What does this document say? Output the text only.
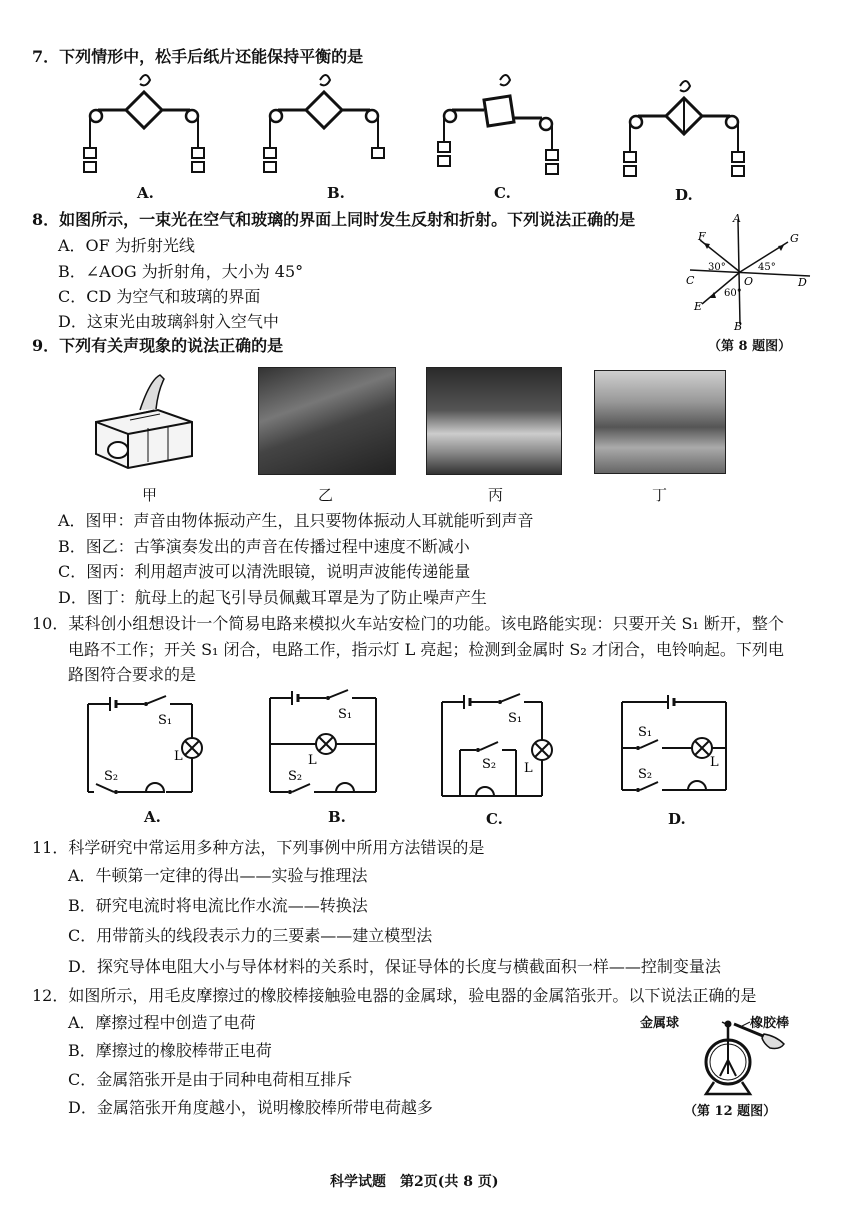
7．下列情形中，松手后纸片还能保持平衡的是
A.	B.	C.	D.
8．如图所示，一束光在空气和玻璃的界面上同时发生反射和折射。下列说法正确的是
A．OF 为折射光线
B．∠AOG 为折射角，大小为 45°
C．CD 为空气和玻璃的界面
D．这束光由玻璃斜射入空气中
A
F	G
C	D
O
E
B
30°	45°
60°
（第 8 题图）
9．下列有关声现象的说法正确的是
甲	乙	丙	丁
A．图甲：声音由物体振动产生，且只要物体振动人耳就能听到声音
B．图乙：古筝演奏发出的声音在传播过程中速度不断减小
C．图丙：利用超声波可以清洗眼镜，说明声波能传递能量
D．图丁：航母上的起飞引导员佩戴耳罩是为了防止噪声产生
10．某科创小组想设计一个简易电路来模拟火车站安检门的功能。该电路能实现：只要开关 S₁ 断开，整个
电路不工作；开关 S₁ 闭合，电路工作，指示灯 L 亮起；检测到金属时 S₂ 才闭合，电铃响起。下列电
路图符合要求的是
S₁
L
S₂
A.
S₁
L
S₂
B.
S₁
L
S₂
C.
S₁
L
S₂
D.
11．科学研究中常运用多种方法，下列事例中所用方法错误的是
A．牛顿第一定律的得出——实验与推理法
B．研究电流时将电流比作水流——转换法
C．用带箭头的线段表示力的三要素——建立模型法
D．探究导体电阻大小与导体材料的关系时，保证导体的长度与横截面积一样——控制变量法
12．如图所示，用毛皮摩擦过的橡胶棒接触验电器的金属球，验电器的金属箔张开。以下说法正确的是
A．摩擦过程中创造了电荷
B．摩擦过的橡胶棒带正电荷
C．金属箔张开是由于同种电荷相互排斥
D．金属箔张开角度越小，说明橡胶棒所带电荷越多
金属球	橡胶棒
（第 12 题图）
科学试题　第2页(共 8 页)
